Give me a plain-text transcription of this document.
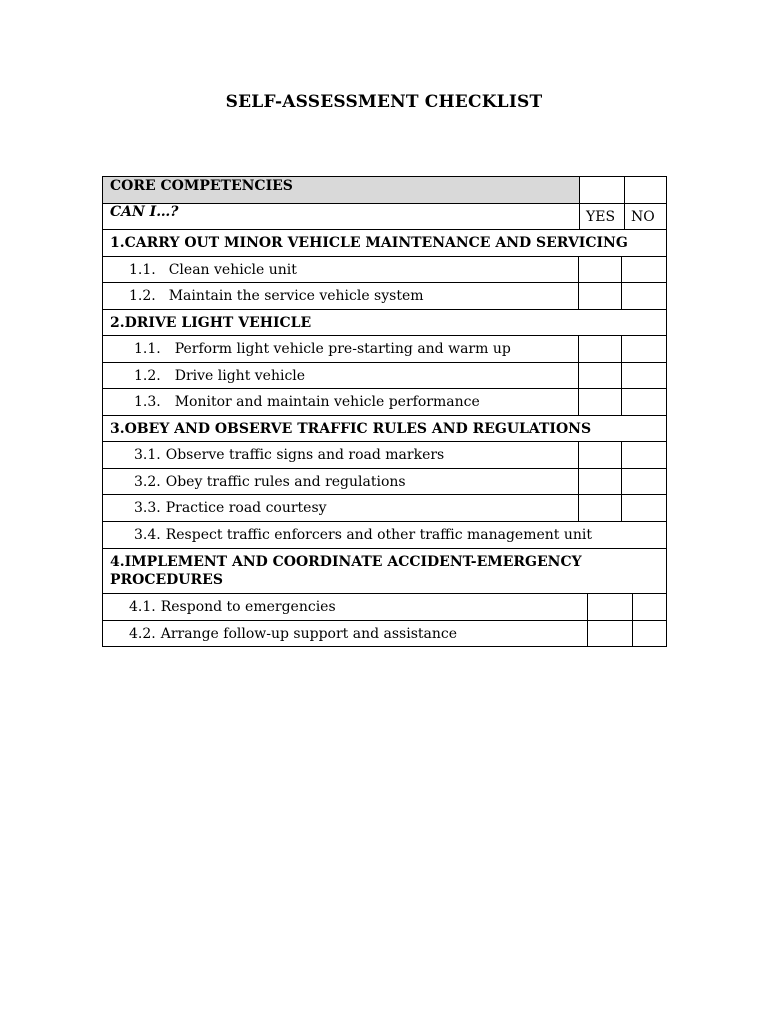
SELF-ASSESSMENT CHECKLIST
CORE COMPETENCIES
CAN I…?	YES	NO
1.CARRY OUT MINOR VEHICLE MAINTENANCE AND SERVICING
1.1. Clean vehicle unit
1.2. Maintain the service vehicle system
2.DRIVE LIGHT VEHICLE
1.1. Perform light vehicle pre-starting and warm up
1.2. Drive light vehicle
1.3. Monitor and maintain vehicle performance
3.OBEY AND OBSERVE TRAFFIC RULES AND REGULATIONS
3.1. Observe traffic signs and road markers
3.2. Obey traffic rules and regulations
3.3. Practice road courtesy
3.4. Respect traffic enforcers and other traffic management unit
4.IMPLEMENT AND COORDINATE ACCIDENT-EMERGENCY PROCEDURES
4.1. Respond to emergencies
4.2. Arrange follow-up support and assistance
